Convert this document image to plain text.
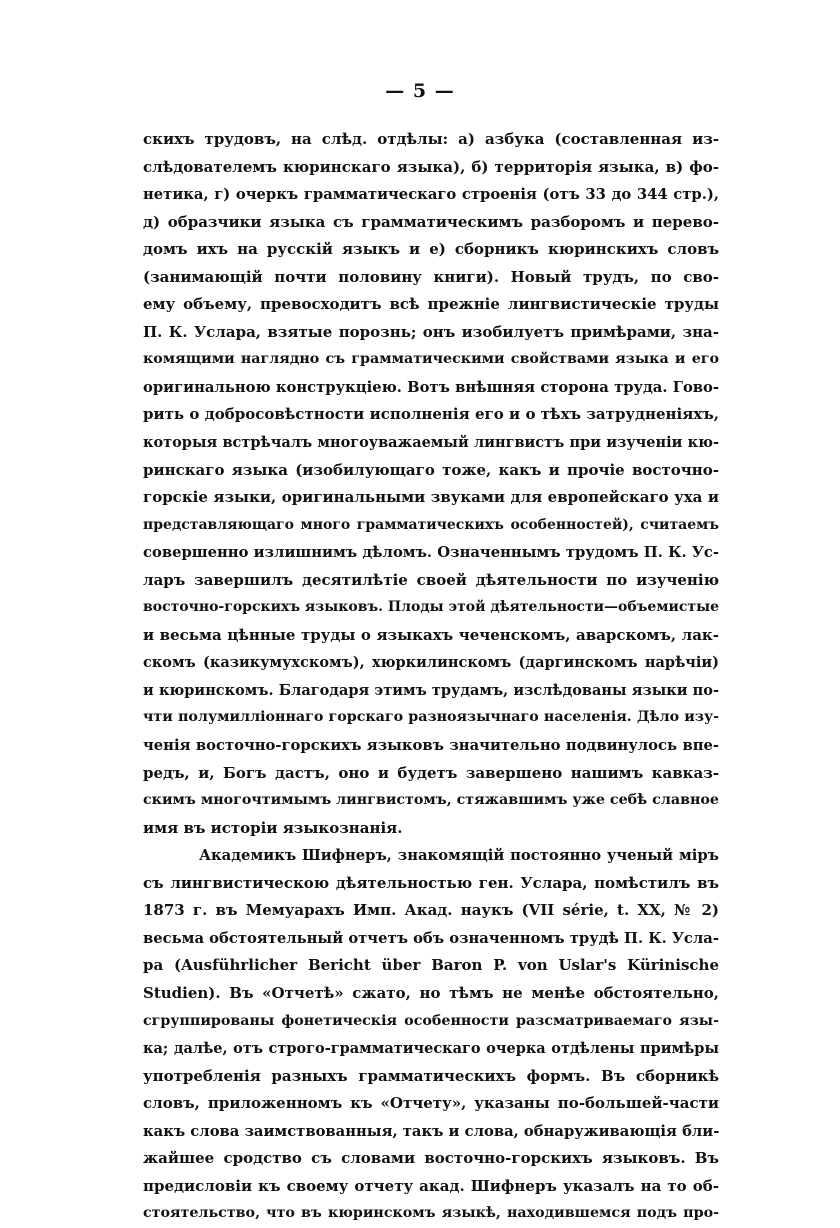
— 5 —
скихъ трудовъ, на слѣд. отдѣлы: а) азбука (составленная из-
слѣдователемъ кюринскаго языка), б) территорія языка, в) фо-
нетика, г) очеркъ грамматическаго строенія (отъ 33 до 344 стр.),
д) образчики языка съ грамматическимъ разборомъ и перево-
домъ ихъ на русскій языкъ и е) сборникъ кюринскихъ словъ
(занимающій почти половину книги). Новый трудъ, по сво-
ему объему, превосходитъ всѣ прежніе лингвистическіе труды
П. К. Услара, взятые порознь; онъ изобилуетъ примѣрами, зна-
комящими наглядно съ грамматическими свойствами языка и его
оригинальною конструкціею. Вотъ внѣшняя сторона труда. Гово-
рить о добросовѣстности исполненія его и о тѣхъ затрудненіяхъ,
которыя встрѣчалъ многоуважаемый лингвистъ при изученіи кю-
ринскаго языка (изобилующаго тоже, какъ и прочіе восточно-
горскіе языки, оригинальными звуками для европейскаго уха и
представляющаго много грамматическихъ особенностей), считаемъ
совершенно излишнимъ дѣломъ. Означеннымъ трудомъ П. К. Ус-
ларъ завершилъ десятилѣтіе своей дѣятельности по изученію
восточно-горскихъ языковъ. Плоды этой дѣятельности—объемистые
и весьма цѣнные труды о языкахъ чеченскомъ, аварскомъ, лак-
скомъ (казикумухскомъ), хюркилинскомъ (даргинскомъ нарѣчіи)
и кюринскомъ. Благодаря этимъ трудамъ, изслѣдованы языки по-
чти полумилліоннаго горскаго разноязычнаго населенія. Дѣло изу-
ченія восточно-горскихъ языковъ значительно подвинулось впе-
редъ, и, Богъ дастъ, оно и будетъ завершено нашимъ кавказ-
скимъ многочтимымъ лингвистомъ, стяжавшимъ уже себѣ славное
имя въ исторіи языкознанія.
Академикъ Шифнеръ, знакомящій постоянно ученый міръ
съ лингвистическою дѣятельностью ген. Услара, помѣстилъ въ
1873 г. въ Мемуарахъ Имп. Акад. наукъ (VII série, t. XX, № 2)
весьма обстоятельный отчетъ объ означенномъ трудѣ П. К. Усла-
ра (Ausführlicher Bericht über Baron P. von Uslar's Kürinische
Studien). Въ «Отчетѣ» сжато, но тѣмъ не менѣе обстоятельно,
сгруппированы фонетическія особенности разсматриваемаго язы-
ка; далѣе, отъ строго-грамматическаго очерка отдѣлены примѣры
употребленія разныхъ грамматическихъ формъ. Въ сборникѣ
словъ, приложенномъ къ «Отчету», указаны по-большей-части
какъ слова заимствованныя, такъ и слова, обнаруживающія бли-
жайшее сродство съ словами восточно-горскихъ языковъ. Въ
предисловіи къ своему отчету акад. Шифнеръ указалъ на то об-
стоятельство, что въ кюринскомъ языкѣ, находившемся подъ про-
